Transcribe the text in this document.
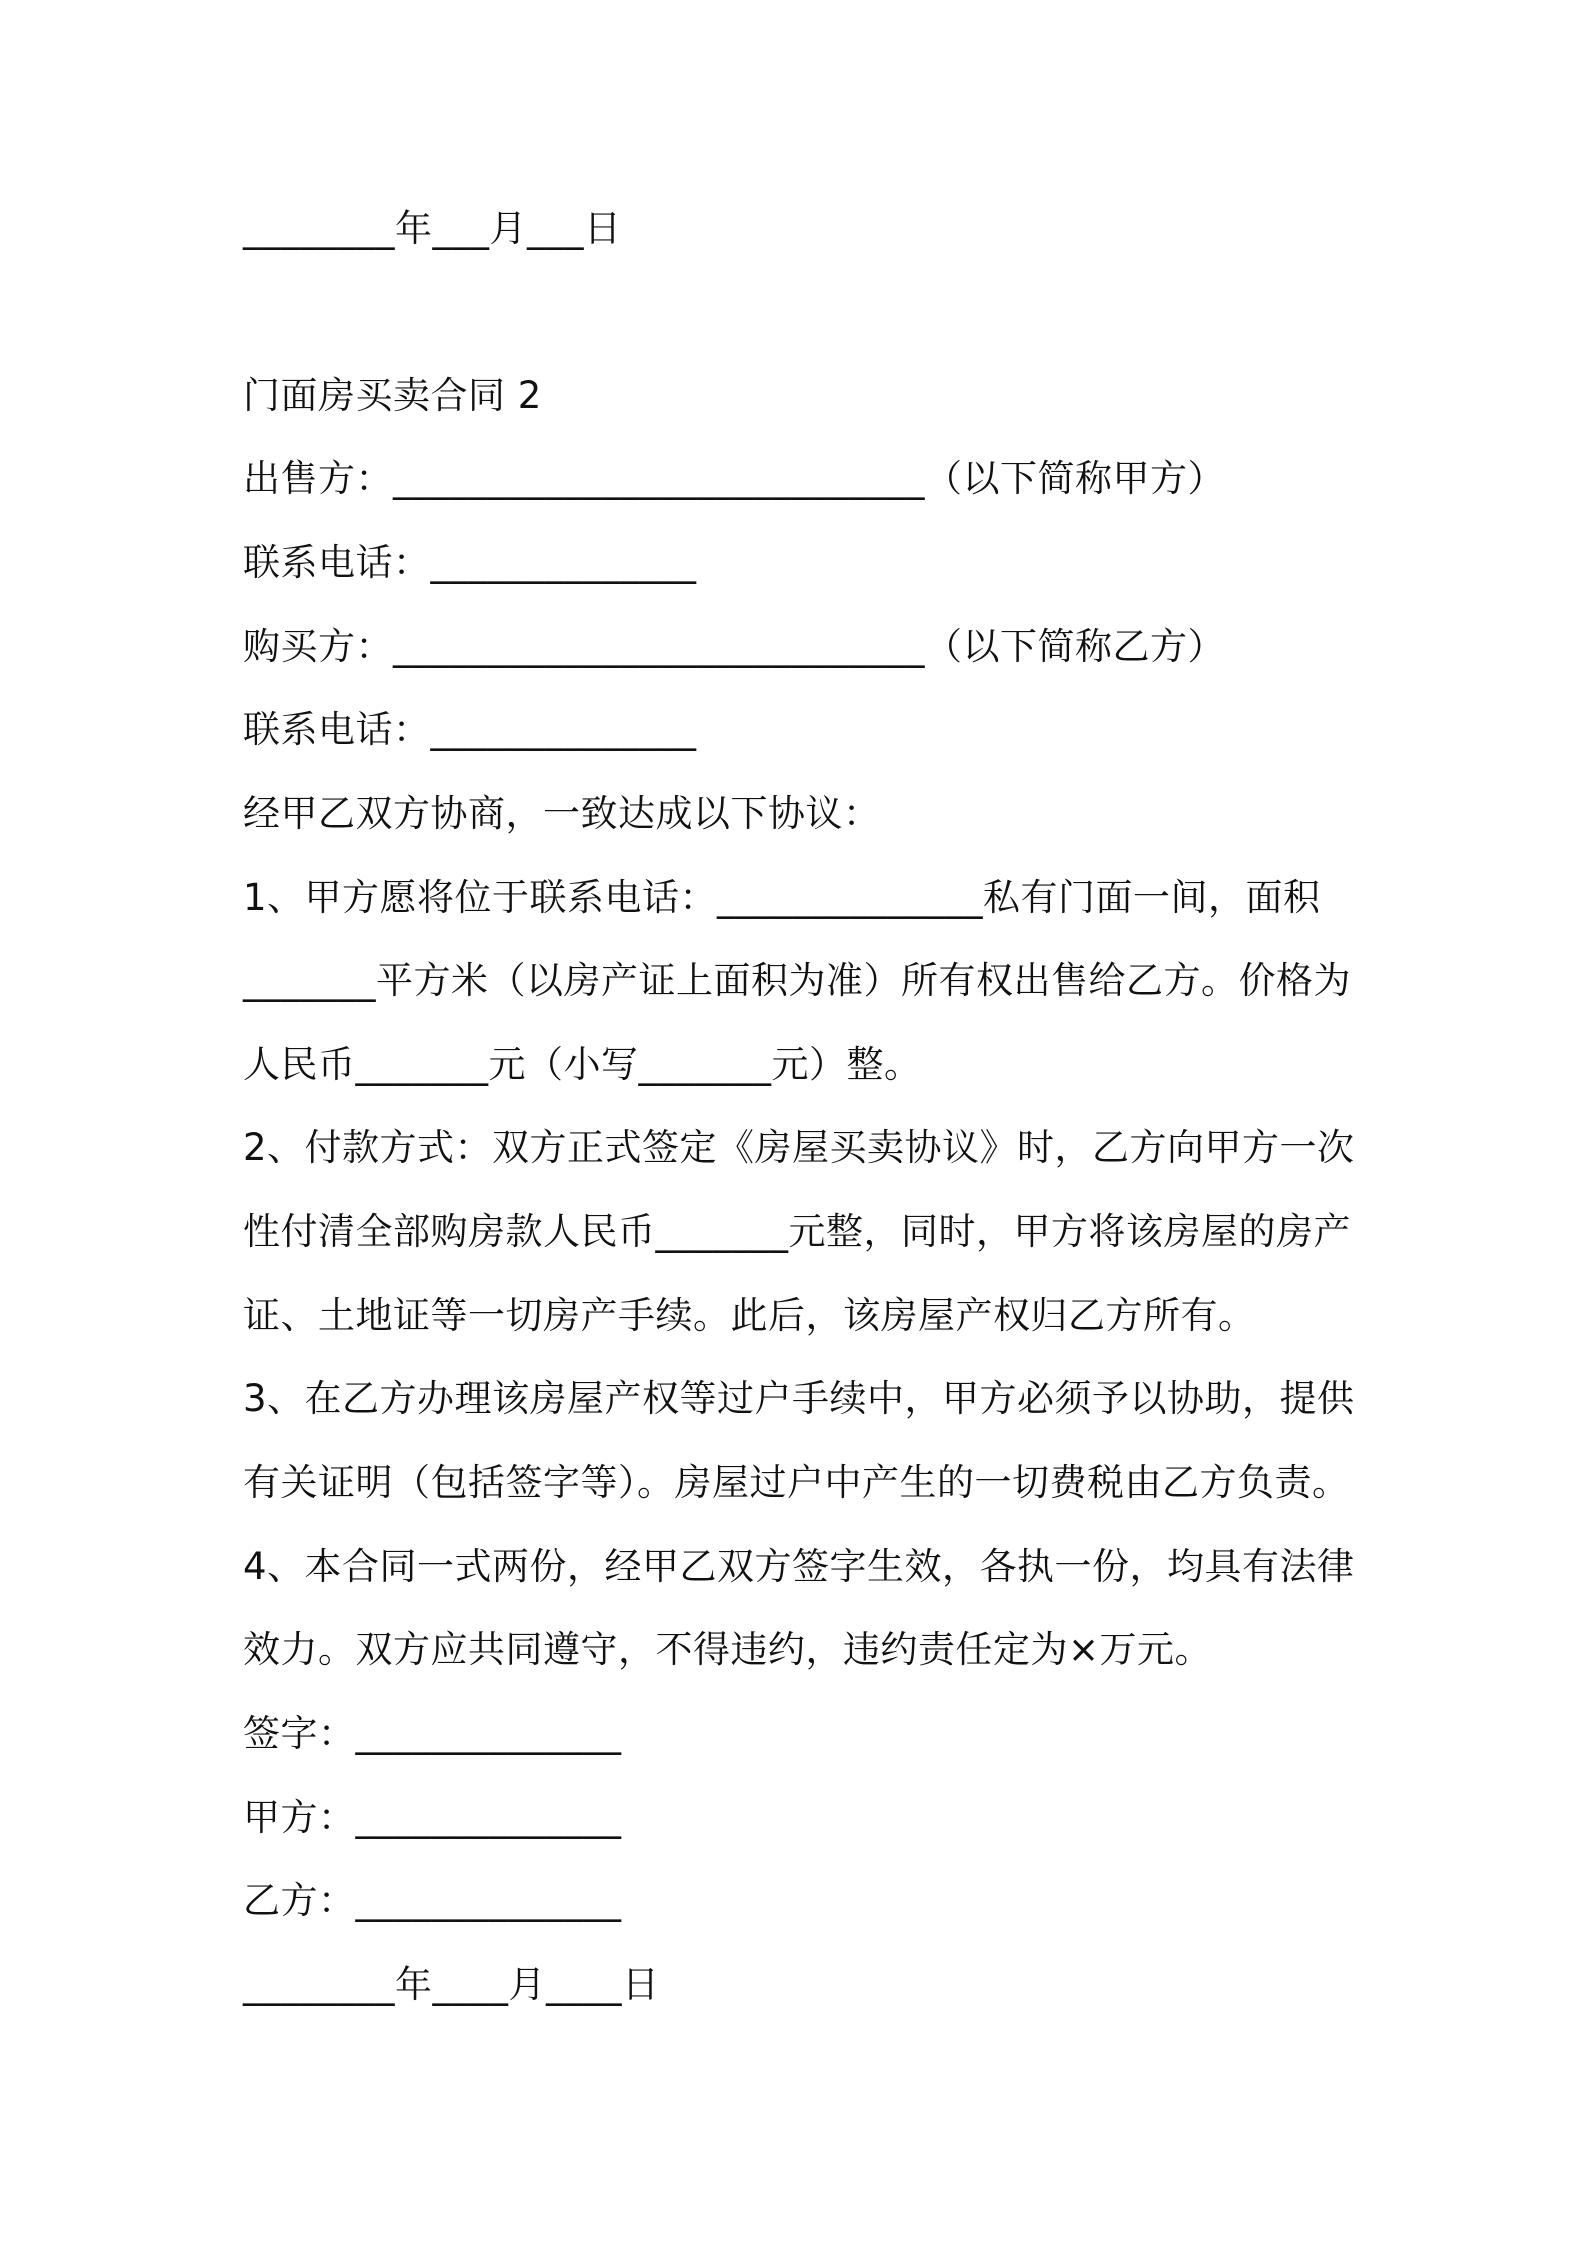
________年___月___日
门面房买卖合同 2
出售方：____________________________（以下简称甲方）
联系电话：______________
购买方：____________________________（以下简称乙方）
联系电话：______________
经甲乙双方协商，一致达成以下协议：
1、甲方愿将位于联系电话：______________私有门面一间，面积
_______平方米（以房产证上面积为准）所有权出售给乙方。价格为
人民币_______元（小写_______元）整。
2、付款方式：双方正式签定《房屋买卖协议》时，乙方向甲方一次
性付清全部购房款人民币_______元整，同时，甲方将该房屋的房产
证、土地证等一切房产手续。此后，该房屋产权归乙方所有。
3、在乙方办理该房屋产权等过户手续中，甲方必须予以协助，提供
有关证明（包括签字等）。房屋过户中产生的一切费税由乙方负责。
4、本合同一式两份，经甲乙双方签字生效，各执一份，均具有法律
效力。双方应共同遵守，不得违约，违约责任定为×万元。
签字：______________
甲方：______________
乙方：______________
________年____月____日
